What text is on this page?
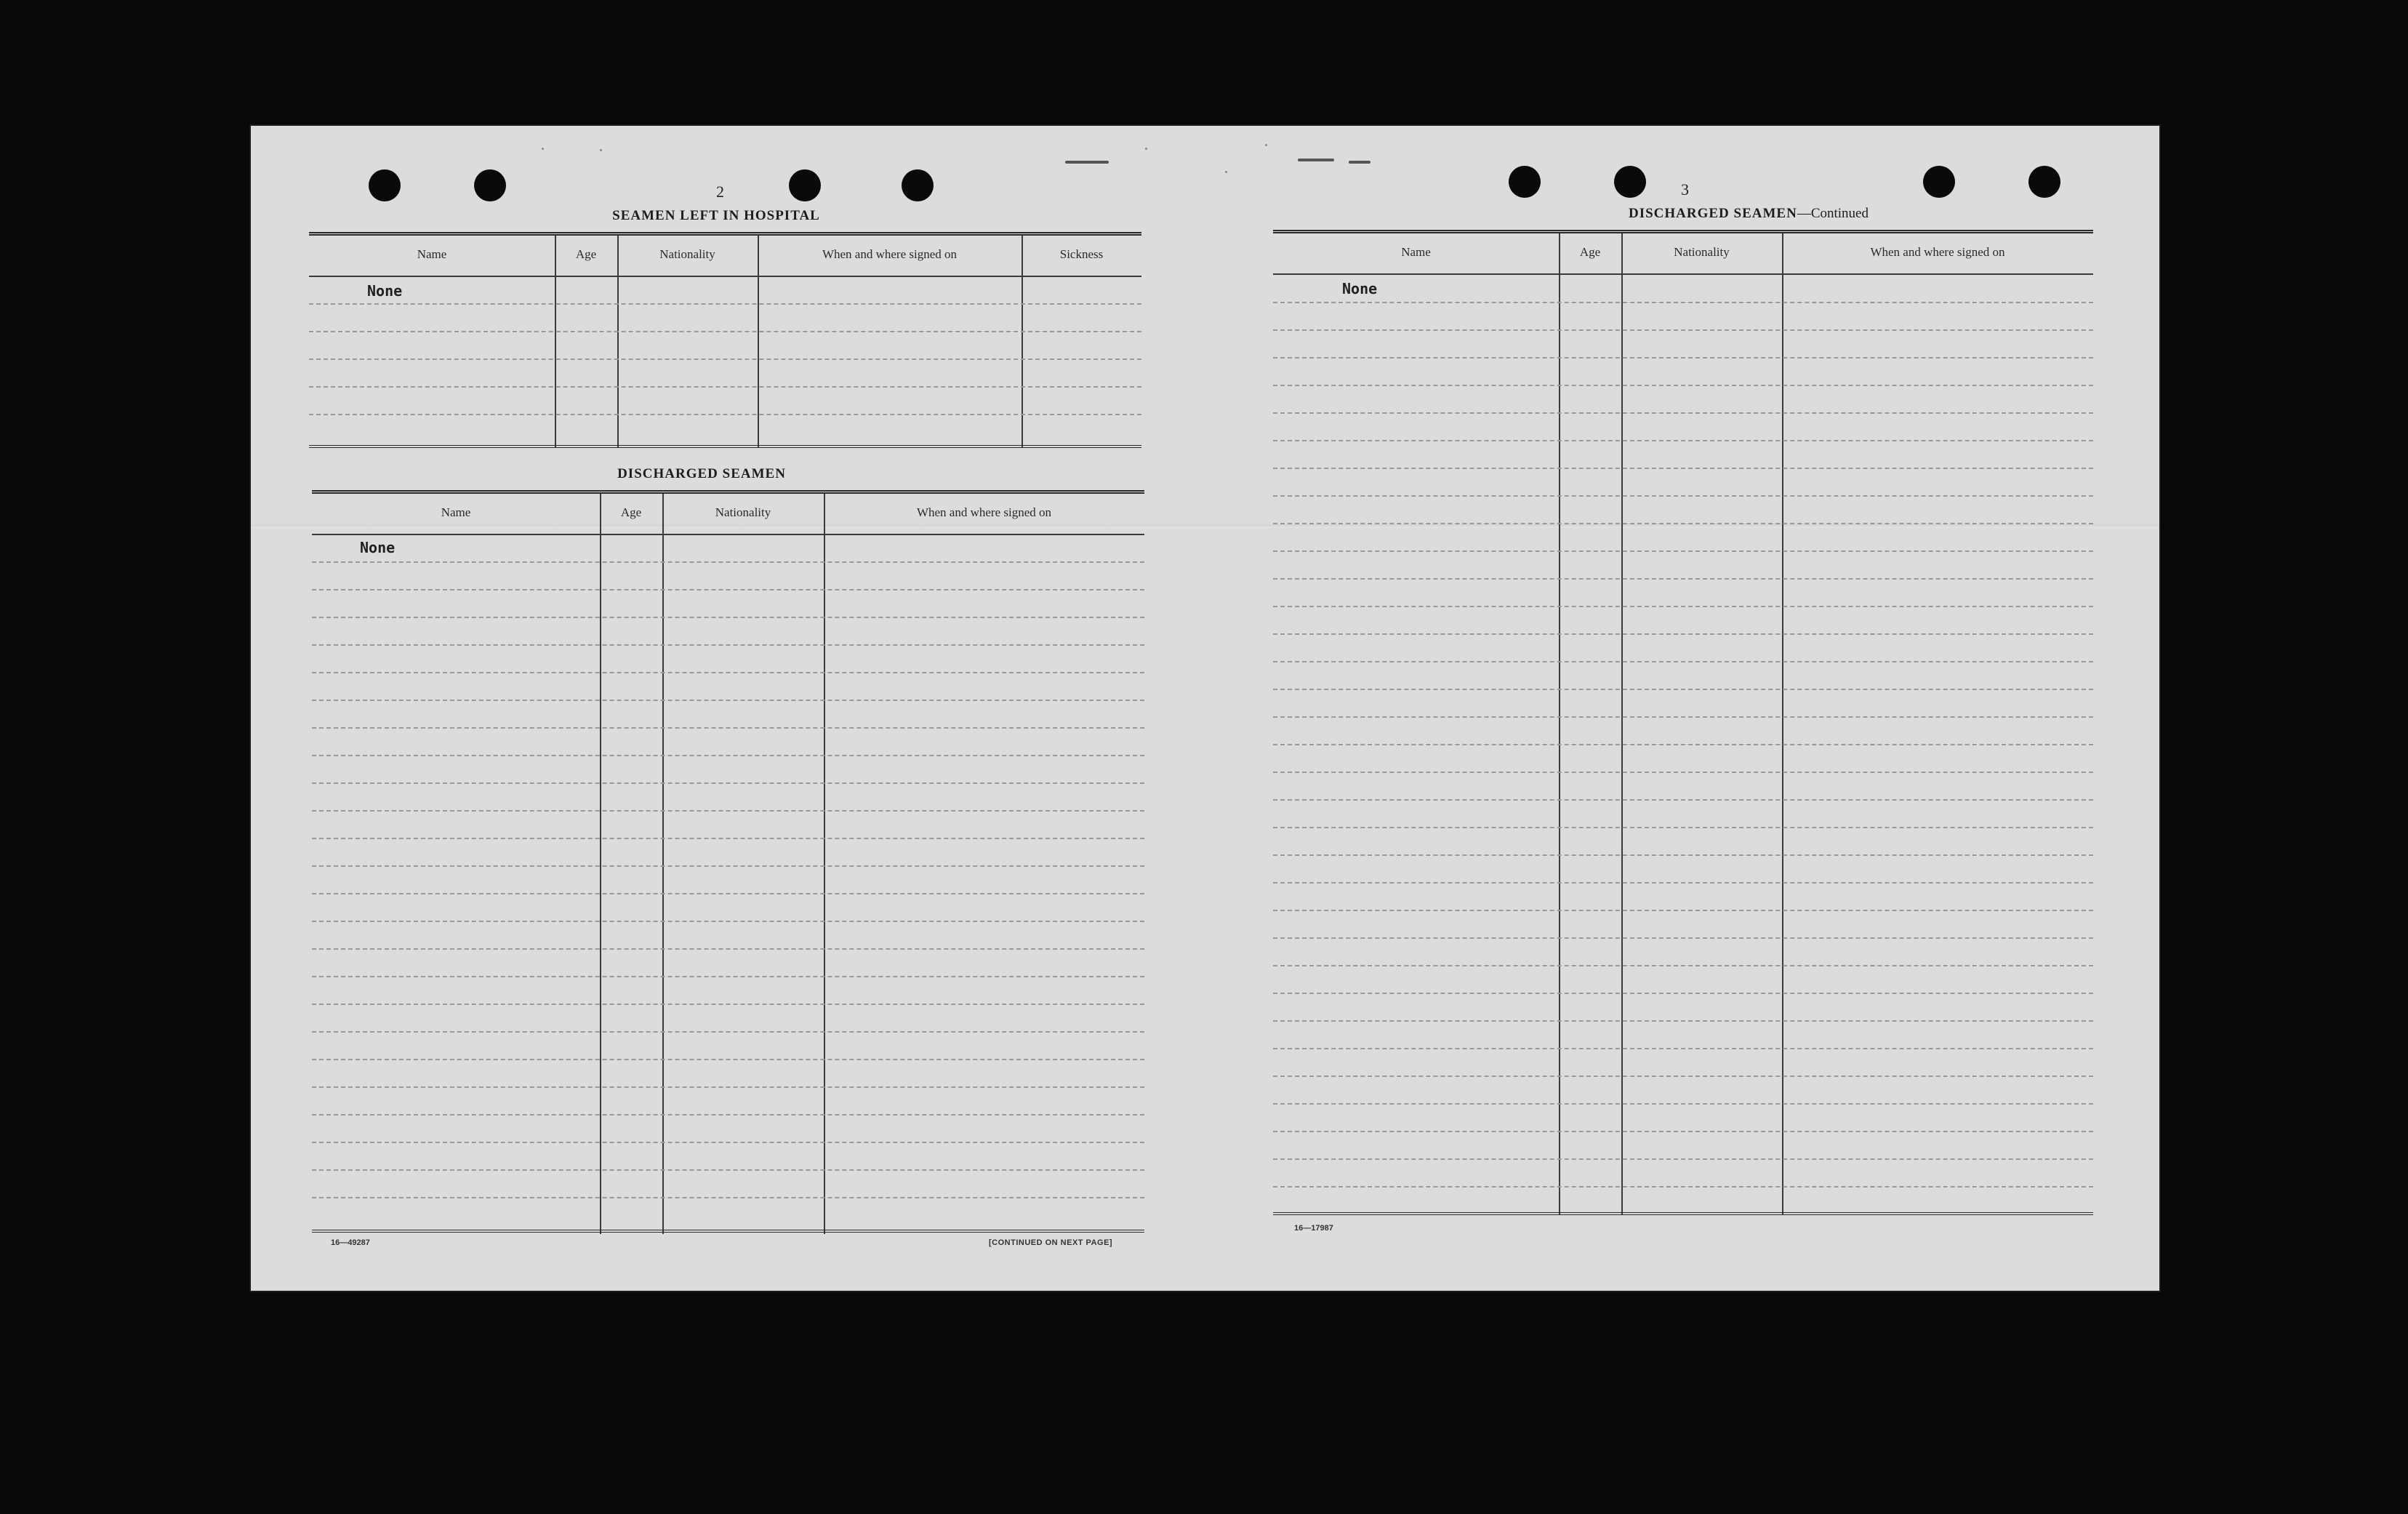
2
SEAMEN LEFT IN HOSPITAL
Name	Age	Nationality	When and where signed on	Sickness
None
DISCHARGED SEAMEN
Name	Age	Nationality	When and where signed on
None
16—49287	[CONTINUED ON NEXT PAGE]
3
DISCHARGED SEAMEN—Continued
Name	Age	Nationality	When and where signed on
None
16—17987
